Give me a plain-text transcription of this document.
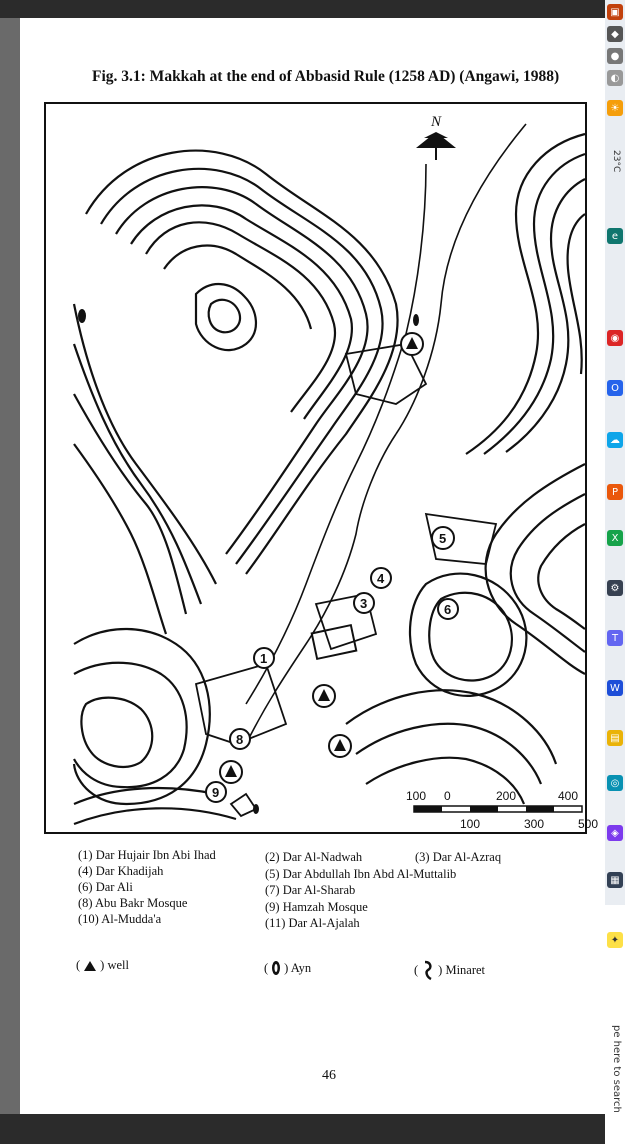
Fig. 3.1: Makkah at the end of Abbasid Rule (1258 AD) (Angawi, 1988)
N
1
3
4
5
6
8
9	100 0	200	400
100	300	500
(1) Dar Hujair Ibn Abi Ihad
(4) Dar Khadijah
(6) Dar Ali
(8) Abu Bakr Mosque
(10) Al-Mudda'a
(2) Dar Al-Nadwah
(5) Dar Abdullah Ibn Abd Al-Muttalib
(7) Dar Al-Sharab
(9) Hamzah Mosque
(11) Dar Al-Ajalah
(3) Dar Al-Azraq
( ) well	( ) Ayn	( ) Minaret
46
▣
◆
●
◐
☀
e
◉
O
☁
P
X
⚙
T
W
▤
◎
◈
▦
23°C
✦
pe here to search
